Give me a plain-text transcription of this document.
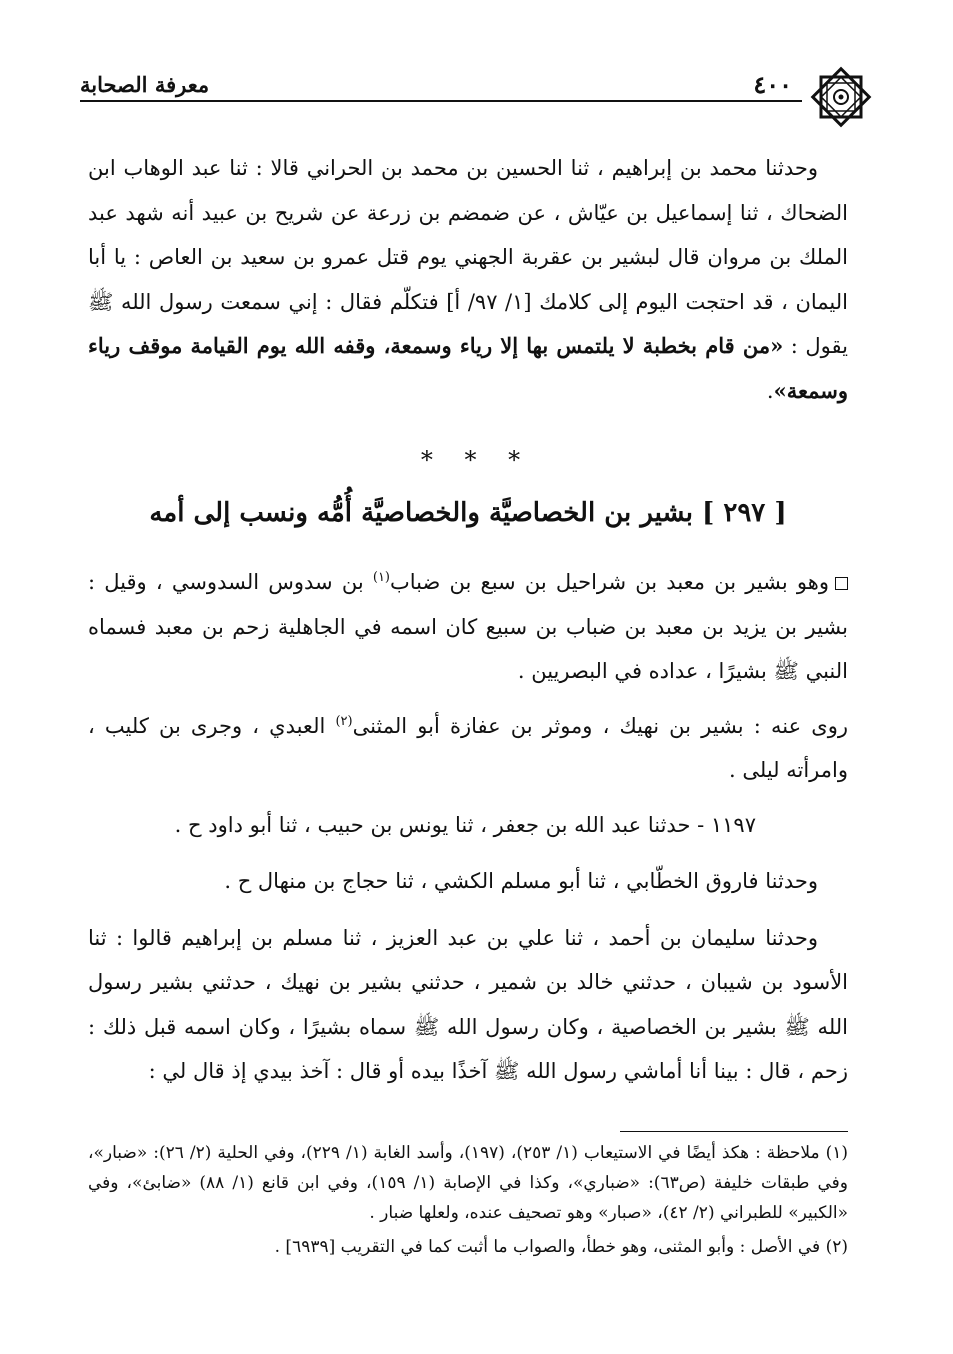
معرفة الصحابة	٤٠٠

وحدثنا محمد بن إبراهيم ، ثنا الحسين بن محمد بن الحراني قالا : ثنا عبد الوهاب ابن الضحاك ، ثنا إسماعيل بن عيّاش ، عن ضمضم بن زرعة عن شريح بن عبيد أنه شهد عبد الملك بن مروان قال لبشير بن عقربة الجهني يوم قتل عمرو بن سعيد بن العاص : يا أبا اليمان ، قد احتجت اليوم إلى كلامك [١/ ٩٧/ أ] فتكلّم فقال : إني سمعت رسول الله ﷺ يقول : «من قام بخطبة لا يلتمس بها إلا رياء وسمعة، وقفه الله يوم القيامة موقف رياء وسمعة».

* * *
[ ٢٩٧ ] بشير بن الخصاصيَّة والخصاصيَّة أُمُّه ونسب إلى أمه

وهو بشير بن معبد بن شراحيل بن سبع بن ضباب$^{(١)}$ بن سدوس السدوسي ، وقيل : بشير بن يزيد بن معبد بن ضباب بن سبيع كان اسمه في الجاهلية زحم بن معبد فسماه النبي ﷺ بشيرًا ، عداده في البصريين .

روى عنه : بشير بن نهيك ، وموثر بن عفازة أبو المثنى$^{(٢)}$ العبدي ، وجرى بن كليب ، وامرأته ليلى .

١١٩٧ - حدثنا عبد الله بن جعفر ، ثنا يونس بن حبيب ، ثنا أبو داود ح .

وحدثنا فاروق الخطّابي ، ثنا أبو مسلم الكشي ، ثنا حجاج بن منهال ح .

وحدثنا سليمان بن أحمد ، ثنا علي بن عبد العزيز ، ثنا مسلم بن إبراهيم قالوا : ثنا الأسود بن شيبان ، حدثني خالد بن شمير ، حدثني بشير بن نهيك ، حدثني بشير رسول الله ﷺ بشير بن الخصاصية ، وكان رسول الله ﷺ سماه بشيرًا ، وكان اسمه قبل ذلك : زحم ، قال : بينا أنا أماشي رسول الله ﷺ آخذًا بيده أو قال : آخذ بيدي إذ قال لي :

(١) ملاحظة : هكذ أيضًا في الاستيعاب (١/ ٢٥٣)، (١٩٧)، وأسد الغابة (١/ ٢٢٩)، وفي الحلية (٢/ ٢٦): «ضبار»، وفي طبقات خليفة (ص٦٣): «ضباري»، وكذا في الإصابة (١/ ١٥٩)، وفي ابن قانع (١/ ٨٨) «ضابئ»، وفي «الكبير» للطبراني (٢/ ٤٢)، «صبار» وهو تصحيف عنده، ولعلها ضبار .

(٢) في الأصل : وأبو المثنى، وهو خطأ، والصواب ما أثبت كما في التقريب [٦٩٣٩] .
